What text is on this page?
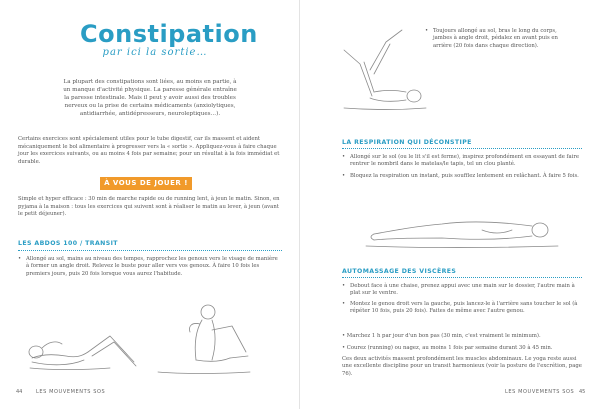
Constipation
par ici la sortie…
La plupart des constipations sont liées, au moins en partie, à un manque d'activité physique. La paresse générale entraîne la paresse intestinale. Mais il peut y avoir aussi des troubles nerveux ou la prise de certains médicaments (anxiolytiques, antidiarrhée, antidépresseurs, neuroleptiques…).
Certains exercices sont spécialement utiles pour le tube digestif, car ils massent et aident mécaniquement le bol alimentaire à progresser vers la « sortie ». Appliquez-vous à faire chaque jour les exercices suivants, ou au moins 4 fois par semaine; pour un résultat à la fois immédiat et durable.
À VOUS DE JOUER !
Simple et hyper efficace : 30 min de marche rapide ou de running lent, à jeun le matin. Sinon, en pyjama à la maison : tous les exercices qui suivent sont à réaliser le matin au lever, à jeun (avant le petit déjeuner).
LES ABDOS 100 / TRANSIT
• Allongé au sol, mains au niveau des tempes, rapprochez les genoux vers le visage de manière à former un angle droit. Relevez le buste pour aller vers vos genoux. À faire 10 fois les premiers jours, puis 20 fois lorsque vous aurez l'habitude.
44	LES MOUVEMENTS SOS
• Toujours allongé au sol, bras le long du corps, jambes à angle droit, pédalez en avant puis en arrière (20 fois dans chaque direction).
LA RESPIRATION QUI DÉCONSTIPE
• Allongé sur le sol (ou le lit s'il est ferme), inspirez profondément en essayant de faire rentrer le nombril dans le matelas/le tapis, tel un clou planté.
• Bloquez la respiration un instant, puis soufflez lentement en relâchant. À faire 5 fois.
AUTOMASSAGE DES VISCÈRES
• Debout face à une chaise, prenez appui avec une main sur le dossier, l'autre main à plat sur le ventre.
• Montez le genou droit vers la gauche, puis lancez-le à l'arrière sans toucher le sol (à répéter 10 fois, puis 20 fois). Faites de même avec l'autre genou.
• Marchez 1 h par jour d'un bon pas (30 min, c'est vraiment le minimum).
• Courez (running) ou nagez, au moins 1 fois par semaine durant 30 à 45 min.
Ces deux activités massent profondément les muscles abdominaux. Le yoga reste aussi une excellente discipline pour un transit harmonieux (voir la posture de l'excrétion, page 76).
LES MOUVEMENTS SOS 45
